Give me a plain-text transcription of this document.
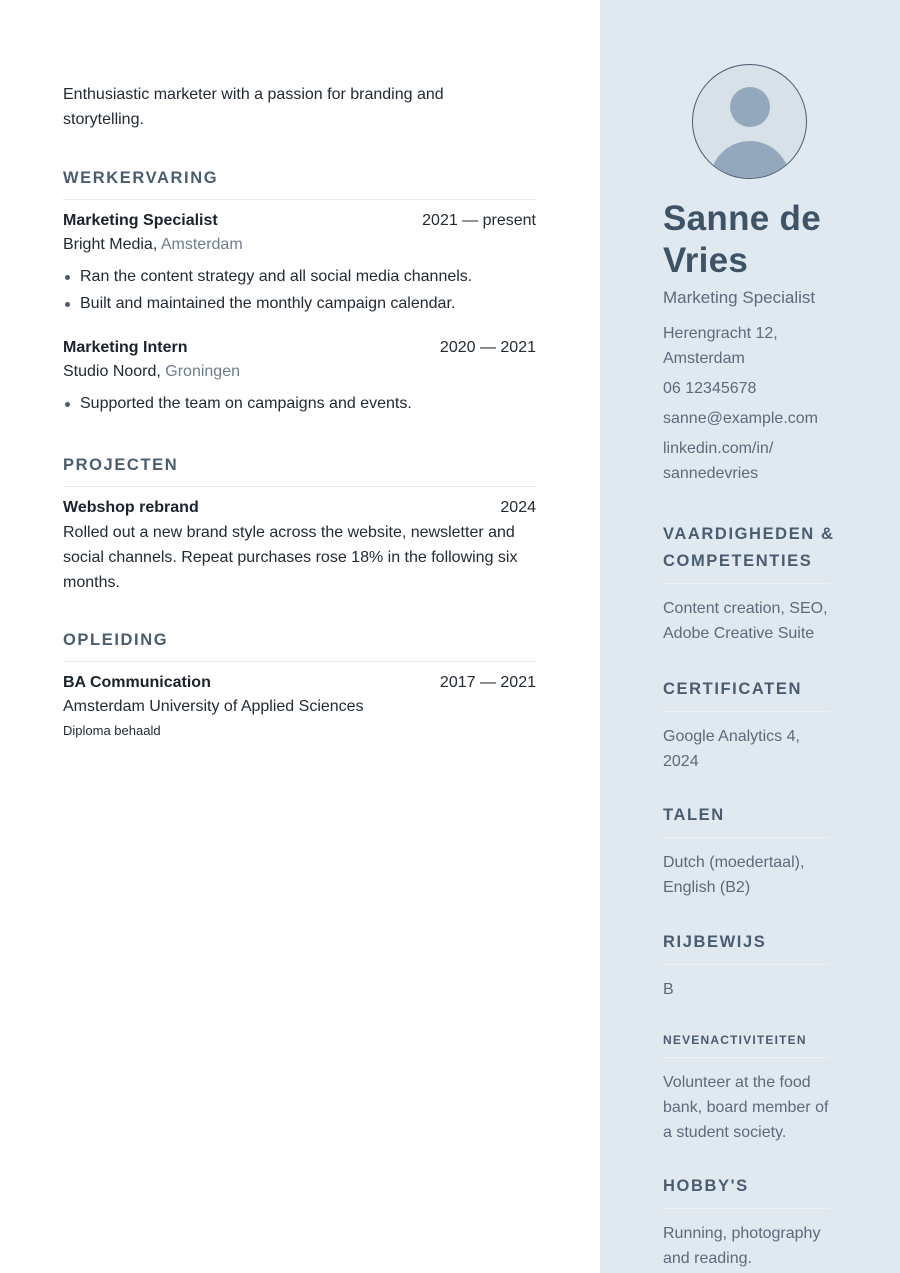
Enthusiastic marketer with a passion for branding and storytelling.

WERKERVARING
Marketing Specialist	2021 — present
Bright Media, Amsterdam
Ran the content strategy and all social media channels.
Built and maintained the monthly campaign calendar.
Marketing Intern	2020 — 2021
Studio Noord, Groningen
Supported the team on campaigns and events.
PROJECTEN
Webshop rebrand	2024

Rolled out a new brand style across the website, newsletter and social channels. Repeat purchases rose 18% in the following six months.

OPLEIDING
BA Communication	2017 — 2021
Amsterdam University of Applied Sciences
Diploma behaald
Sanne de Vries
Marketing Specialist
Herengracht 12, Amsterdam
06 12345678
sanne@example.com
linkedin.com/in/ sannedevries
VAARDIGHEDEN & COMPETENTIES

Content creation, SEO, Adobe Creative Suite

CERTIFICATEN

Google Analytics 4, 2024

TALEN

Dutch (moedertaal), English (B2)

RIJBEWIJS

B

NEVENACTIVITEITEN

Volunteer at the food bank, board member of a student society.

HOBBY'S

Running, photography and reading.
